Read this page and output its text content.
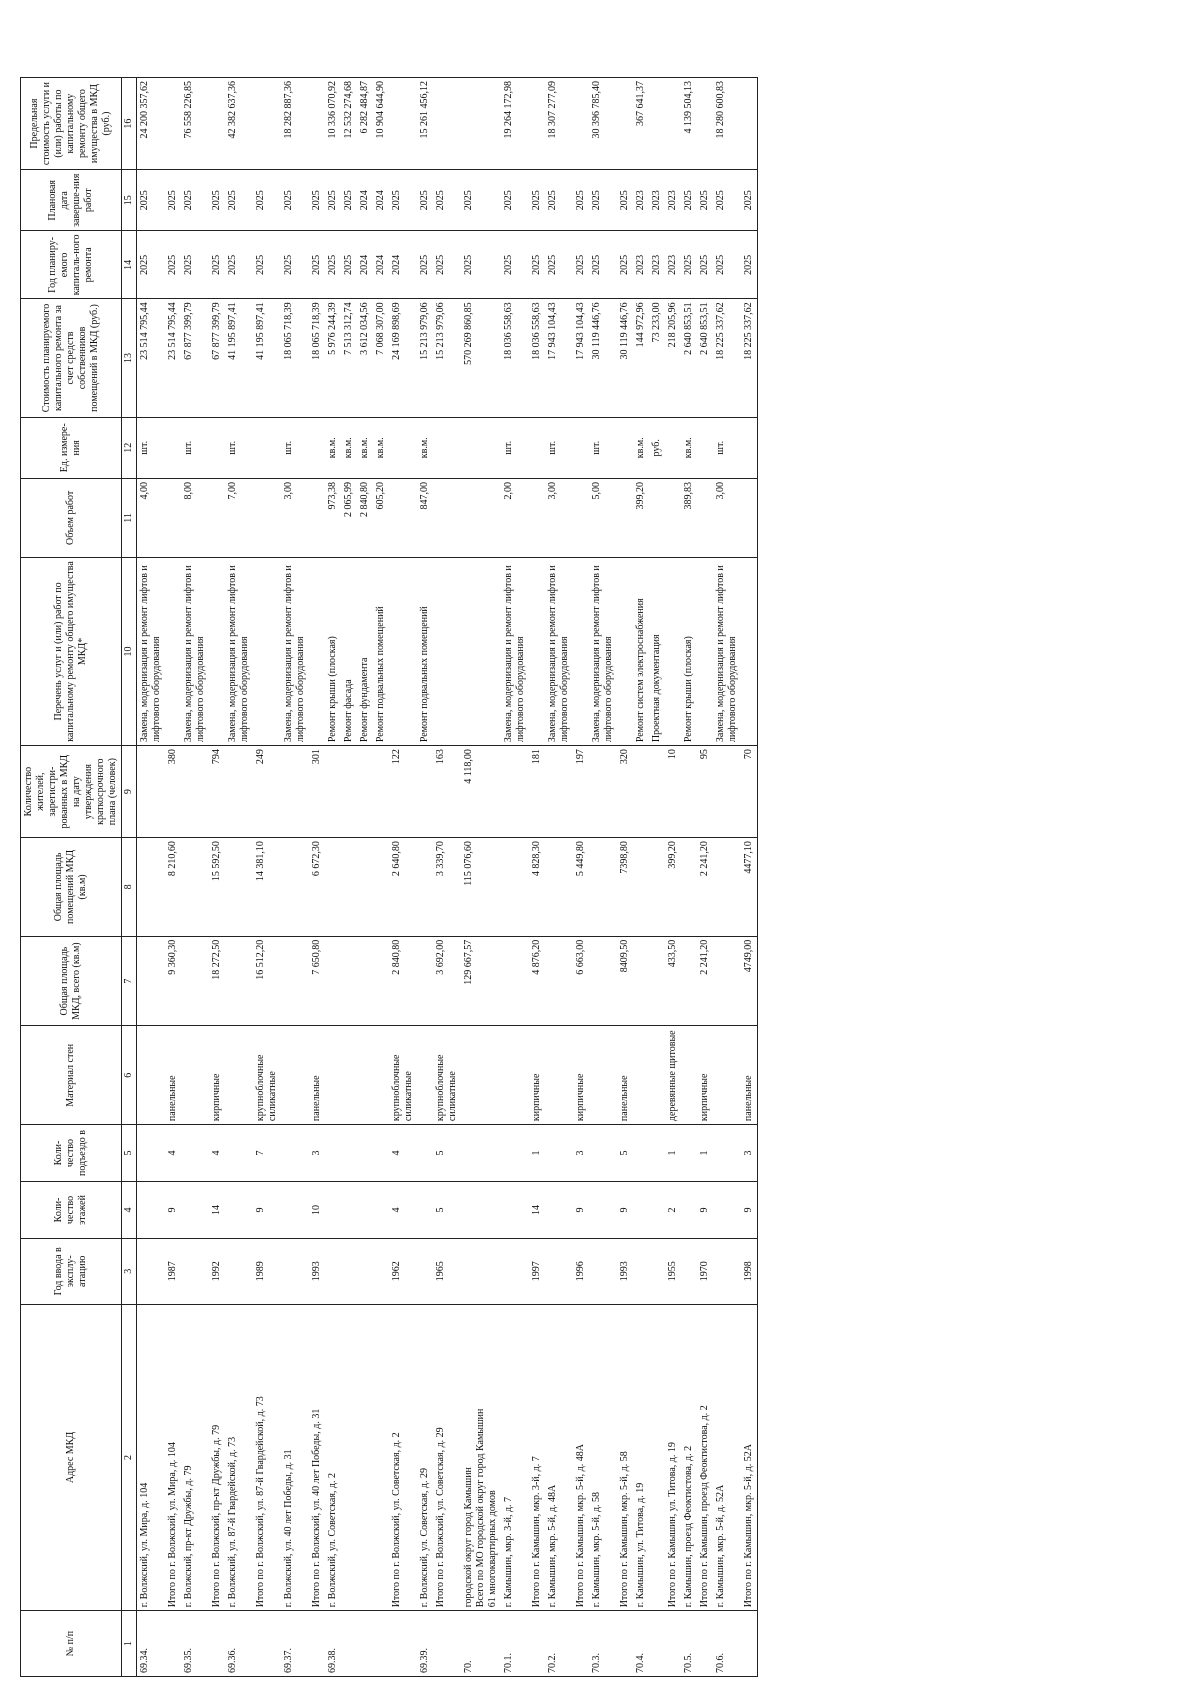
№ п/п	Адрес МКД	Год ввода в эксплу-атацию	Коли-чество этажей	Коли-чество подъездо в	Материал стен	Общая площадь МКД, всего (кв.м)	Общая площадь помещений МКД (кв.м)	Количество жителей, зарегистри-рованных в МКД на дату утверждения краткосрочного плана (человек)	Перечень услуг и (или) работ по капитальному ремонту общего имущества МКД*	Объем работ	Ед. измере-ния	Стоимость планируемого капитального ремонта за счет средств собственников помещений в МКД (руб.)	Год планиру-емого капиталь-ного ремонта	Плановая дата заверше-ния работ	Предельная стоимость услуги и (или) работы по капитальному ремонту общего имущества в МКД (руб.)
1	2	3	4	5	6	7	8	9	10	11	12	13	14	15	16
69.34.	г. Волжский, ул. Мира, д. 104								Замена, модернизация и ремонт лифтов и лифтового оборудования	4,00	шт.	23 514 795,44	2025	2025	24 200 357,62
	Итого по г. Волжский, ул. Мира, д. 104	1987	9	4	панельные	9 360,30	8 210,60	380				23 514 795,44	2025	2025	
69.35.	г. Волжский, пр-кт Дружбы, д. 79								Замена, модернизация и ремонт лифтов и лифтового оборудования	8,00	шт.	67 877 399,79	2025	2025	76 558 226,85
	Итого по г. Волжский, пр-кт Дружбы, д. 79	1992	14	4	кирпичные	18 272,50	15 592,50	794				67 877 399,79	2025	2025	
69.36.	г. Волжский, ул. 87-й Гвардейской, д. 73								Замена, модернизация и ремонт лифтов и лифтового оборудования	7,00	шт.	41 195 897,41	2025	2025	42 382 637,36
	Итого по г. Волжский, ул. 87-й Гвардейской, д. 73	1989	9	7	крупноблочные силикатные	16 512,20	14 381,10	249				41 195 897,41	2025	2025	
69.37.	г. Волжский, ул. 40 лет Победы, д. 31								Замена, модернизация и ремонт лифтов и лифтового оборудования	3,00	шт.	18 065 718,39	2025	2025	18 282 887,36
	Итого по г. Волжский, ул. 40 лет Победы, д. 31	1993	10	3	панельные	7 650,80	6 672,30	301				18 065 718,39	2025	2025	
69.38.	г. Волжский, ул. Советская, д. 2								Ремонт крыши (плоская)	973,38	кв.м.	5 976 244,39	2025	2025	10 336 070,92
									Ремонт фасада	2 065,99	кв.м.	7 513 312,74	2025	2025	12 532 274,68
									Ремонт фундамента	2 840,80	кв.м.	3 612 034,56	2024	2024	6 282 484,87
									Ремонт подвальных помещений	605,20	кв.м.	7 068 307,00	2024	2024	10 904 644,90
	Итого по г. Волжский, ул. Советская, д. 2	1962	4	4	крупноблочные силикатные	2 840,80	2 640,80	122				24 169 898,69	2024	2025	
69.39.	г. Волжский, ул. Советская, д. 29								Ремонт подвальных помещений	847,00	кв.м.	15 213 979,06	2025	2025	15 261 456,12
	Итого по г. Волжский, ул. Советская, д. 29	1965	5	5	крупноблочные силикатные	3 692,00	3 339,70	163				15 213 979,06	2025	2025	
70.	городской округ город Камышин
Всего по МО городской округ город Камышин
61 многоквартирных домов					129 667,57	115 076,60	4 118,00				570 269 860,85	2025	2025	
70.1.	г. Камышин, мкр. 3-й, д. 7								Замена, модернизация и ремонт лифтов и лифтового оборудования	2,00	шт.	18 036 558,63	2025	2025	19 264 172,98
	Итого по г. Камышин, мкр. 3-й, д. 7	1997	14	1	кирпичные	4 876,20	4 828,30	181				18 036 558,63	2025	2025	
70.2.	г. Камышин, мкр. 5-й, д. 48А								Замена, модернизация и ремонт лифтов и лифтового оборудования	3,00	шт.	17 943 104,43	2025	2025	18 307 277,09
	Итого по г. Камышин, мкр. 5-й, д. 48А	1996	9	3	кирпичные	6 663,00	5 449,80	197				17 943 104,43	2025	2025	
70.3.	г. Камышин, мкр. 5-й, д. 58								Замена, модернизация и ремонт лифтов и лифтового оборудования	5,00	шт.	30 119 446,76	2025	2025	30 396 785,40
	Итого по г. Камышин, мкр. 5-й, д. 58	1993	9	5	панельные	8409,50	7398,80	320				30 119 446,76	2025	2025	
70.4.	г. Камышин, ул. Титова, д. 19								Ремонт систем электроснабжения	399,20	кв.м.	144 972,96	2023	2023	367 641,37
									Проектная документация		руб.	73 233,00	2023	2023	
	Итого по г. Камышин, ул. Титова, д. 19	1955	2	1	деревянные щитовые	433,50	399,20	10				218 205,96	2023	2023	
70.5.	г. Камышин, проезд Феоктистова, д. 2								Ремонт крыши (плоская)	389,83	кв.м.	2 640 853,51	2025	2025	4 139 504,13
	Итого по г. Камышин, проезд Феоктистова, д. 2	1970	9	1	кирпичные	2 241,20	2 241,20	95				2 640 853,51	2025	2025	
70.6.	г. Камышин, мкр. 5-й, д. 52А								Замена, модернизация и ремонт лифтов и лифтового оборудования	3,00	шт.	18 225 337,62	2025	2025	18 280 600,83
	Итого по г. Камышин, мкр. 5-й, д. 52А	1998	9	3	панельные	4749,00	4477,10	70				18 225 337,62	2025	2025	
